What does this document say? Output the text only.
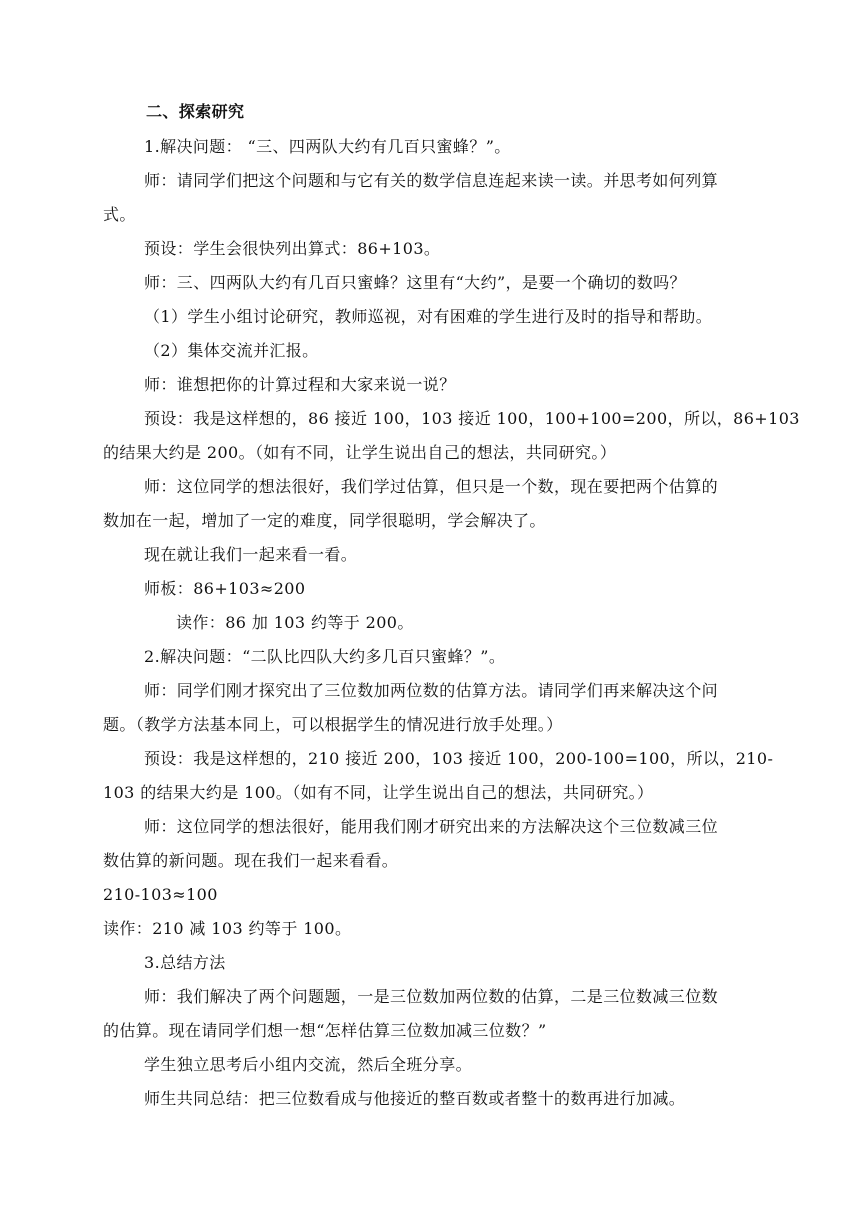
二、探索研究
1.解决问题： “三、四两队大约有几百只蜜蜂？”。
师：请同学们把这个问题和与它有关的数学信息连起来读一读。并思考如何列算
式。
预设：学生会很快列出算式：86+103。
师：三、四两队大约有几百只蜜蜂？这里有“大约”，是要一个确切的数吗？
（1）学生小组讨论研究，教师巡视，对有困难的学生进行及时的指导和帮助。
（2）集体交流并汇报。
师：谁想把你的计算过程和大家来说一说？
预设：我是这样想的，86 接近 100，103 接近 100，100+100=200，所以，86+103
的结果大约是 200。（如有不同，让学生说出自己的想法，共同研究。）
师：这位同学的想法很好，我们学过估算，但只是一个数，现在要把两个估算的
数加在一起，增加了一定的难度，同学很聪明，学会解决了。
现在就让我们一起来看一看。
师板：86+103≈200
读作：86 加 103 约等于 200。
2.解决问题：“二队比四队大约多几百只蜜蜂？”。
师：同学们刚才探究出了三位数加两位数的估算方法。请同学们再来解决这个问
题。（教学方法基本同上，可以根据学生的情况进行放手处理。）
预设：我是这样想的，210 接近 200，103 接近 100，200-100=100，所以，210-
103 的结果大约是 100。（如有不同，让学生说出自己的想法，共同研究。）
师：这位同学的想法很好，能用我们刚才研究出来的方法解决这个三位数减三位
数估算的新问题。现在我们一起来看看。
210-103≈100
读作：210 减 103 约等于 100。
3.总结方法
师：我们解决了两个问题题，一是三位数加两位数的估算，二是三位数减三位数
的估算。现在请同学们想一想“怎样估算三位数加减三位数？”
学生独立思考后小组内交流，然后全班分享。
师生共同总结：把三位数看成与他接近的整百数或者整十的数再进行加减。
